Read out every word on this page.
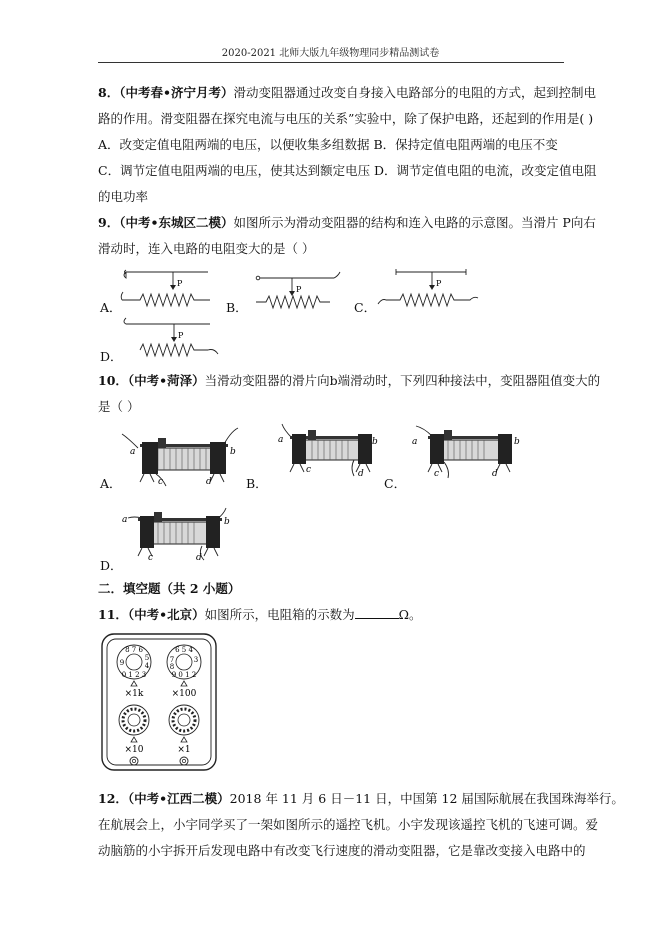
2020-2021 北师大版九年级物理同步精品测试卷
8．（中考春•济宁月考）滑动变阻器通过改变自身接入电路部分的电阻的方式，起到控制电
路的作用。滑变阻器在探究电流与电压的关系”实验中，除了保护电路，还起到的作用是( )
A．改变定值电阻两端的电压，以便收集多组数据 B．保持定值电阻两端的电压不变
C．调节定值电阻两端的电压，使其达到额定电压 D．调节定值电阻的电流，改变定值电阻
的电功率
9．（中考•东城区二模）如图所示为滑动变阻器的结构和连入电路的示意图。当滑片 P向右
滑动时，连入电路的电阻变大的是（ ）
A．	B．	C．
D．
P
P
P
P
10．（中考•菏泽）当滑动变阻器的滑片向b端滑动时，下列四种接法中，变阻器阻值变大的
是（ ）
A．	B．	C．
D．
a	b
c	d
a	b
c	d
a	b
c	d
a	b
c	d
二．填空题（共 2 小题）
11．（中考•北京）如图所示，电阻箱的示数为	Ω。
8 7 6
9
5
4
0 1 2 3
×1k
6 5 4
7
8
3
9 0 1 2
×100
×10	×1
12．（中考•江西二模）2018 年 11 月 6 日－11 日，中国第 12 届国际航展在我国珠海举行。
在航展会上，小宇同学买了一架如图所示的遥控飞机。小宇发现该遥控飞机的飞速可调。爱
动脑筋的小宇拆开后发现电路中有改变飞行速度的滑动变阻器，它是靠改变接入电路中的
